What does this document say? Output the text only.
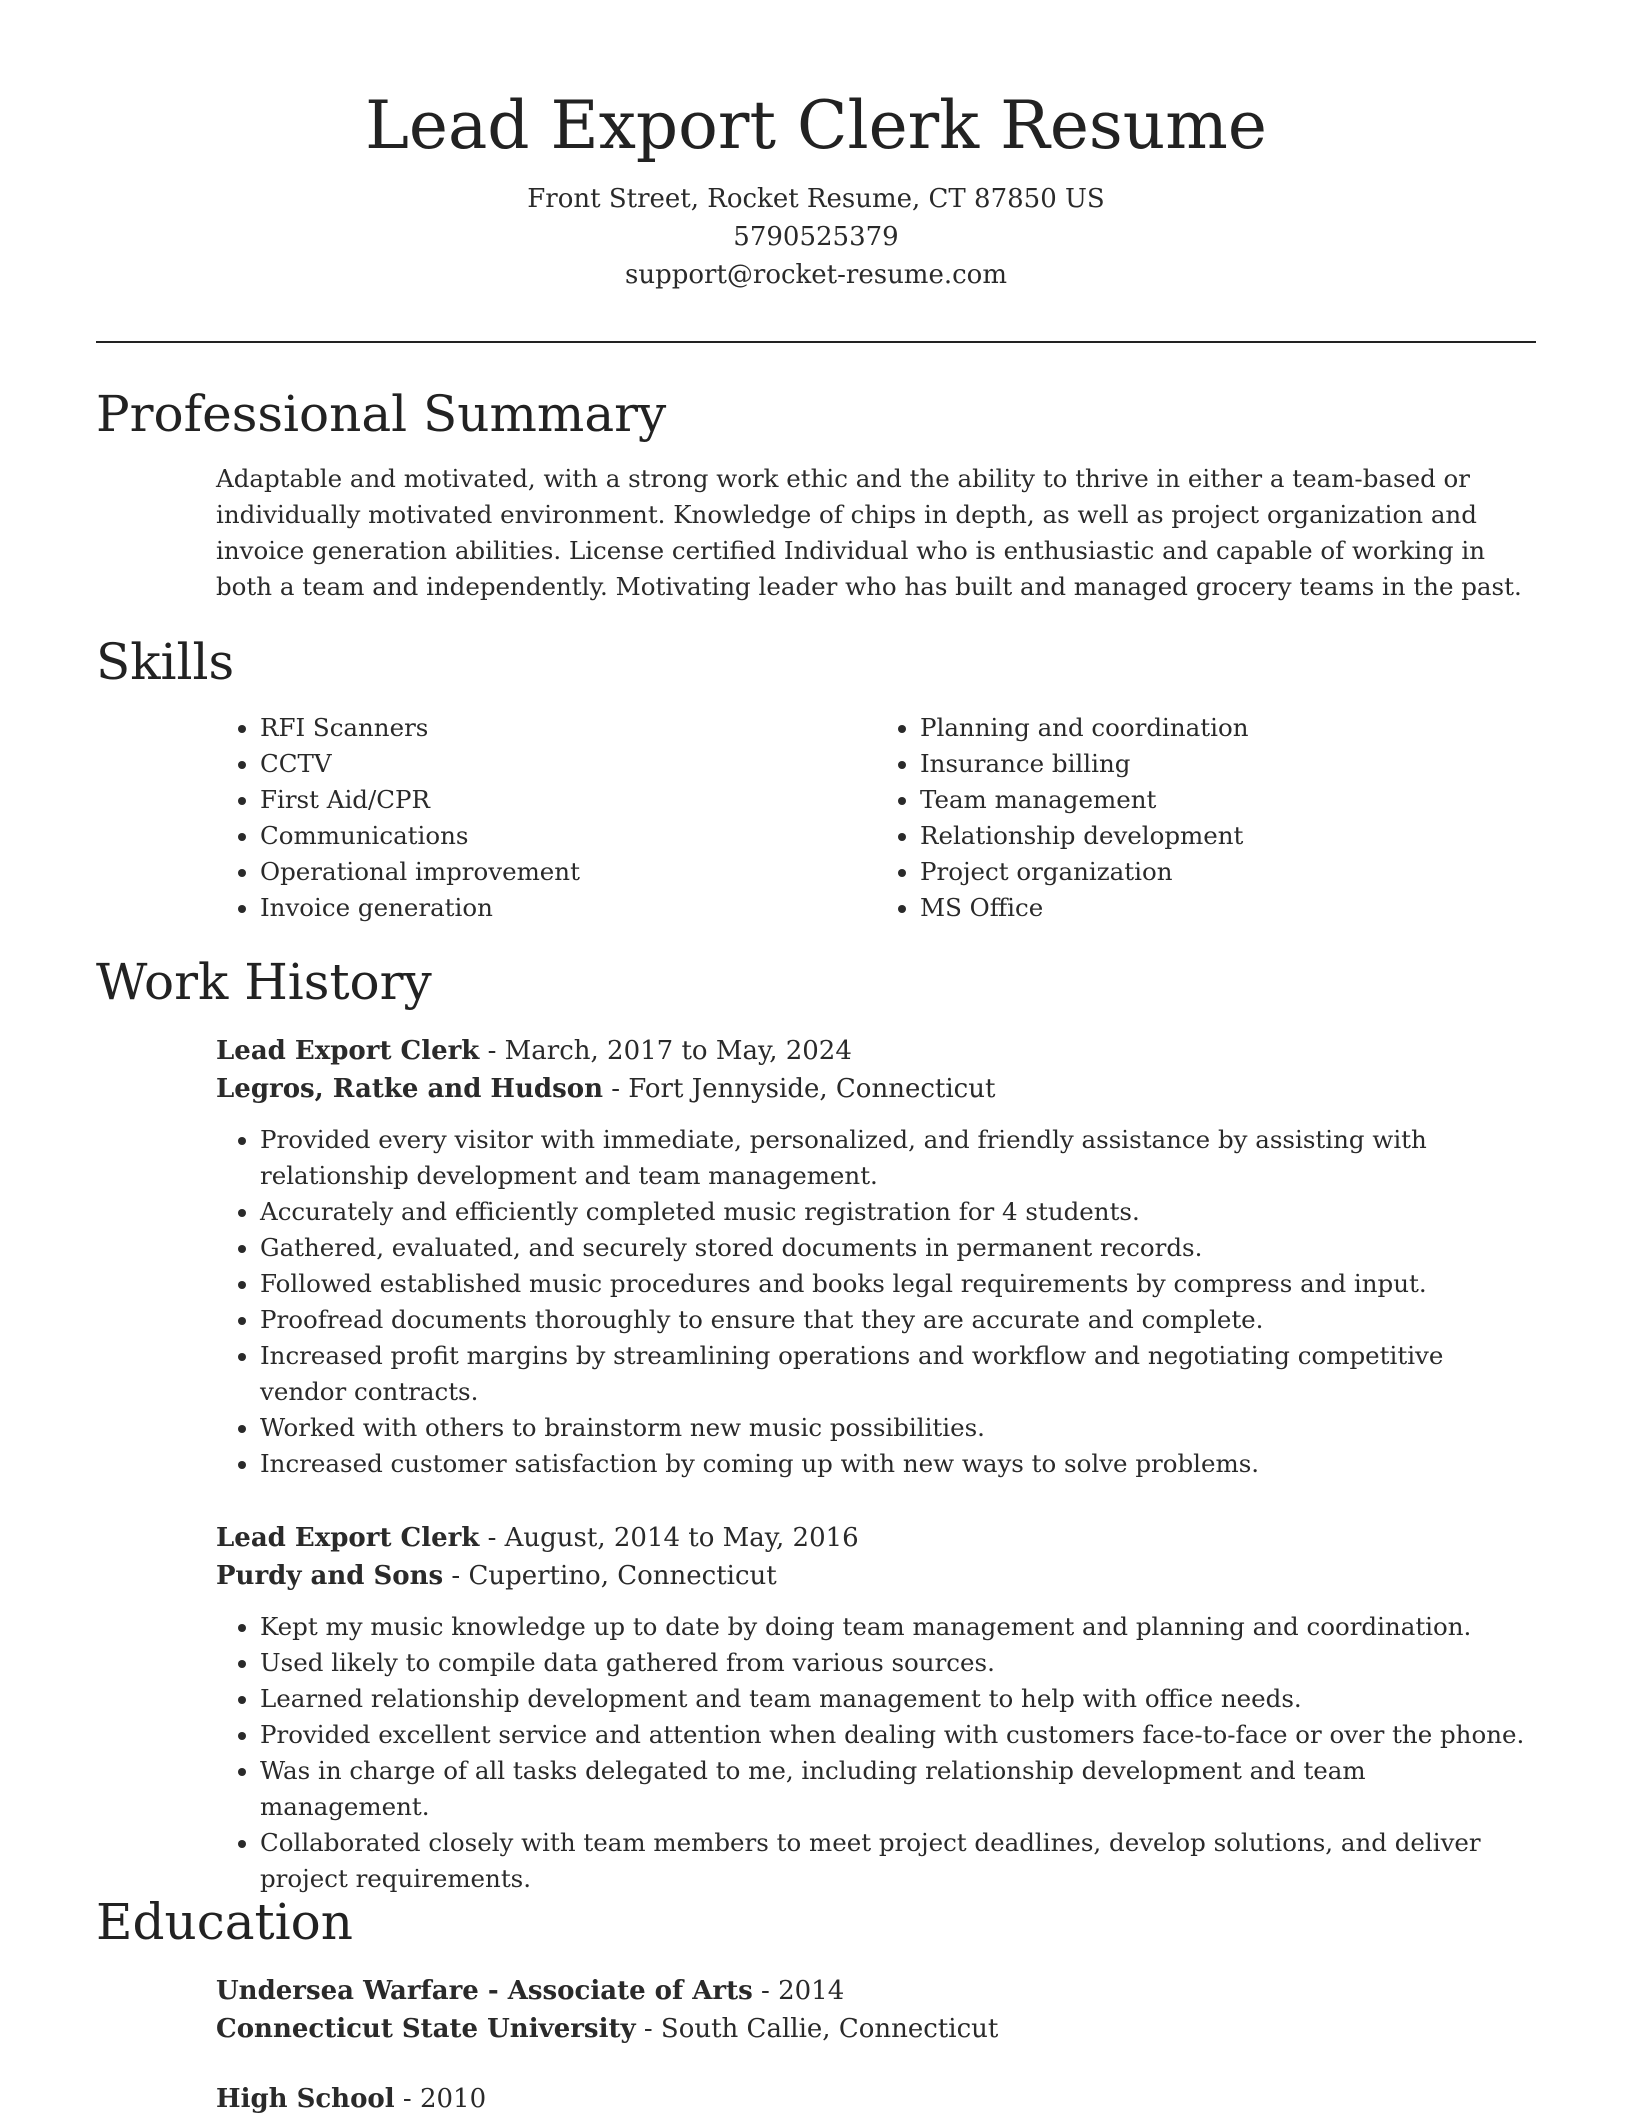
Lead Export Clerk Resume
Front Street, Rocket Resume, CT 87850 US
5790525379
support@rocket-resume.com
Professional Summary

Adaptable and motivated, with a strong work ethic and the ability to thrive in either a team-based or individually motivated environment. Knowledge of chips in depth, as well as project organization and invoice generation abilities. License certified Individual who is enthusiastic and capable of working in both a team and independently. Motivating leader who has built and managed grocery teams in the past.

Skills
• RFI Scanners
• CCTV
• First Aid/CPR
• Communications
• Operational improvement
• Invoice generation
• Planning and coordination
• Insurance billing
• Team management
• Relationship development
• Project organization
• MS Office
Work History
Lead Export Clerk - March, 2017 to May, 2024
Legros, Ratke and Hudson - Fort Jennyside, Connecticut
• Provided every visitor with immediate, personalized, and friendly assistance by assisting with relationship development and team management.
• Accurately and efficiently completed music registration for 4 students.
• Gathered, evaluated, and securely stored documents in permanent records.
• Followed established music procedures and books legal requirements by compress and input.
• Proofread documents thoroughly to ensure that they are accurate and complete.
• Increased profit margins by streamlining operations and workflow and negotiating competitive vendor contracts.
• Worked with others to brainstorm new music possibilities.
• Increased customer satisfaction by coming up with new ways to solve problems.
Lead Export Clerk - August, 2014 to May, 2016
Purdy and Sons - Cupertino, Connecticut
• Kept my music knowledge up to date by doing team management and planning and coordination.
• Used likely to compile data gathered from various sources.
• Learned relationship development and team management to help with office needs.
• Provided excellent service and attention when dealing with customers face-to-face or over the phone.
• Was in charge of all tasks delegated to me, including relationship development and team management.
• Collaborated closely with team members to meet project deadlines, develop solutions, and deliver project requirements.
Education
Undersea Warfare - Associate of Arts - 2014
Connecticut State University - South Callie, Connecticut
High School - 2010
